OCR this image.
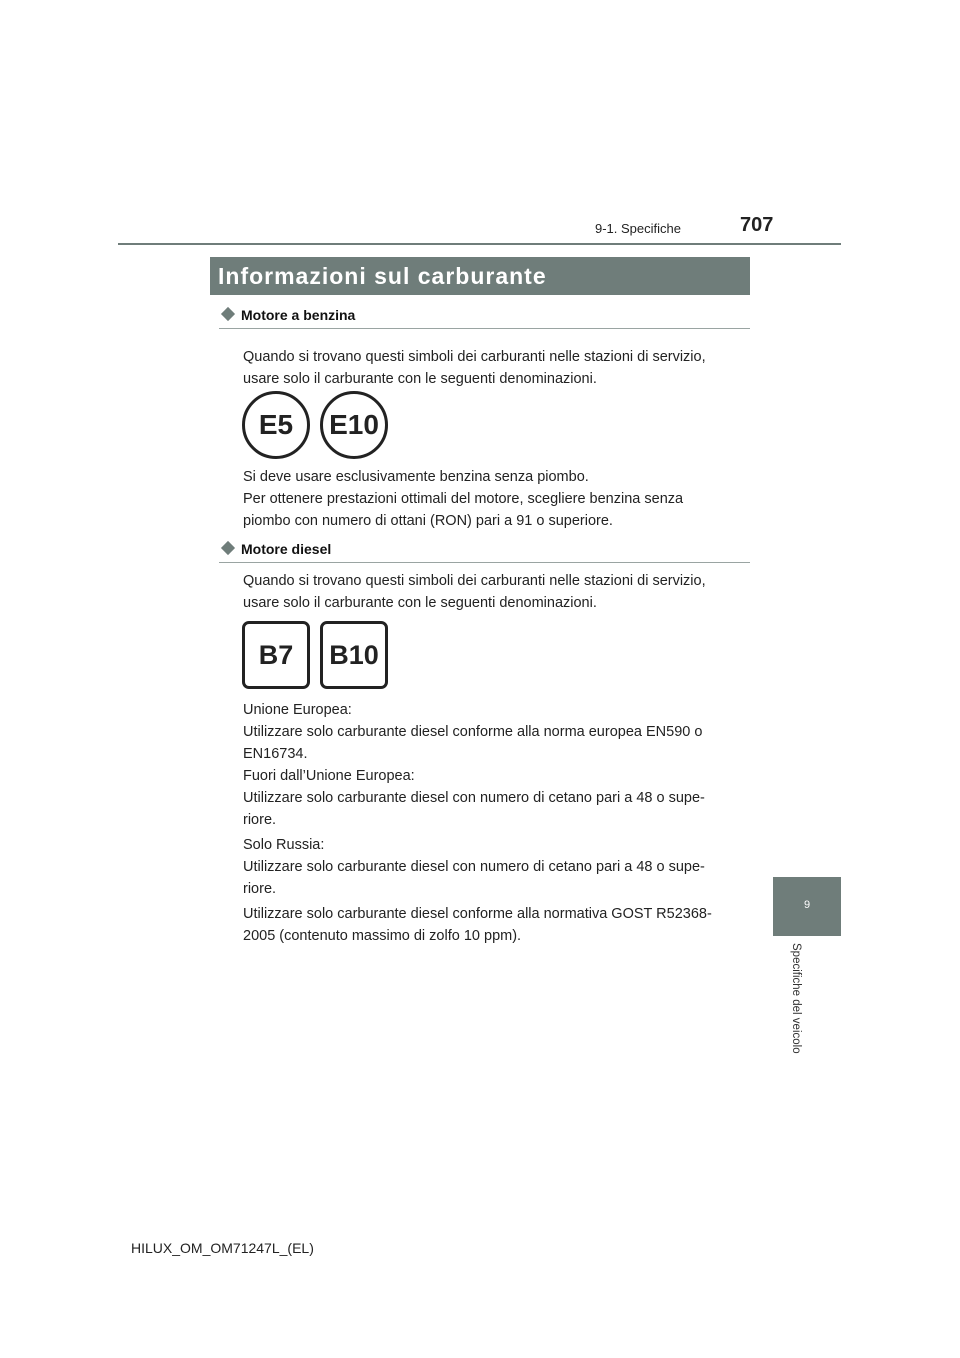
9-1. Specifiche	707
Informazioni sul carburante
Motore a benzina

Quando si trovano questi simboli dei carburanti nelle stazioni di servizio,
usare solo il carburante con le seguenti denominazioni.

E5	E10

Si deve usare esclusivamente benzina senza piombo.
Per ottenere prestazioni ottimali del motore, scegliere benzina senza
piombo con numero di ottani (RON) pari a 91 o superiore.

Motore diesel

Quando si trovano questi simboli dei carburanti nelle stazioni di servizio,
usare solo il carburante con le seguenti denominazioni.

B7	B10

Unione Europea:
Utilizzare solo carburante diesel conforme alla norma europea EN590 o
EN16734.

Fuori dall’Unione Europea:
Utilizzare solo carburante diesel con numero di cetano pari a 48 o supe-
riore.

Solo Russia:
Utilizzare solo carburante diesel con numero di cetano pari a 48 o supe-
riore.

Utilizzare solo carburante diesel conforme alla normativa GOST R52368-
2005 (contenuto massimo di zolfo 10 ppm).

9
Specifiche del veicolo
HILUX_OM_OM71247L_(EL)
